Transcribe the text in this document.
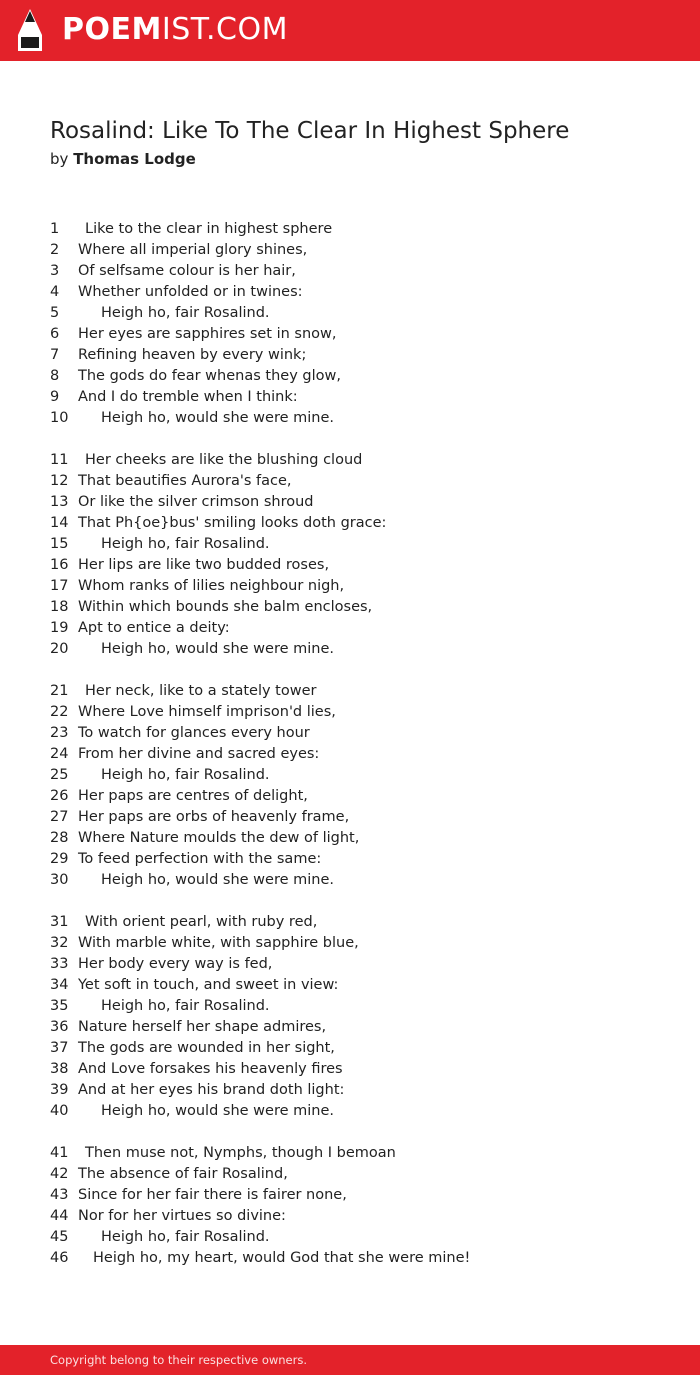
POEMIST.COM
Rosalind: Like To The Clear In Highest Sphere
by Thomas Lodge
1	Like to the clear in highest sphere
2	Where all imperial glory shines,
3	Of selfsame colour is her hair,
4	Whether unfolded or in twines:
5	Heigh ho, fair Rosalind.
6	Her eyes are sapphires set in snow,
7	Refining heaven by every wink;
8	The gods do fear whenas they glow,
9	And I do tremble when I think:
10	Heigh ho, would she were mine.
11	Her cheeks are like the blushing cloud
12 That beautifies Aurora's face,
13 Or like the silver crimson shroud
14 That Ph{oe}bus' smiling looks doth grace:
15	Heigh ho, fair Rosalind.
16 Her lips are like two budded roses,
17 Whom ranks of lilies neighbour nigh,
18 Within which bounds she balm encloses,
19 Apt to entice a deity:
20	Heigh ho, would she were mine.
21	Her neck, like to a stately tower
22 Where Love himself imprison'd lies,
23 To watch for glances every hour
24 From her divine and sacred eyes:
25	Heigh ho, fair Rosalind.
26 Her paps are centres of delight,
27 Her paps are orbs of heavenly frame,
28 Where Nature moulds the dew of light,
29 To feed perfection with the same:
30	Heigh ho, would she were mine.
31	With orient pearl, with ruby red,
32 With marble white, with sapphire blue,
33 Her body every way is fed,
34 Yet soft in touch, and sweet in view:
35	Heigh ho, fair Rosalind.
36 Nature herself her shape admires,
37 The gods are wounded in her sight,
38 And Love forsakes his heavenly fires
39 And at her eyes his brand doth light:
40	Heigh ho, would she were mine.
41	Then muse not, Nymphs, though I bemoan
42 The absence of fair Rosalind,
43 Since for her fair there is fairer none,
44 Nor for her virtues so divine:
45	Heigh ho, fair Rosalind.
46	Heigh ho, my heart, would God that she were mine!
Copyright belong to their respective owners.
